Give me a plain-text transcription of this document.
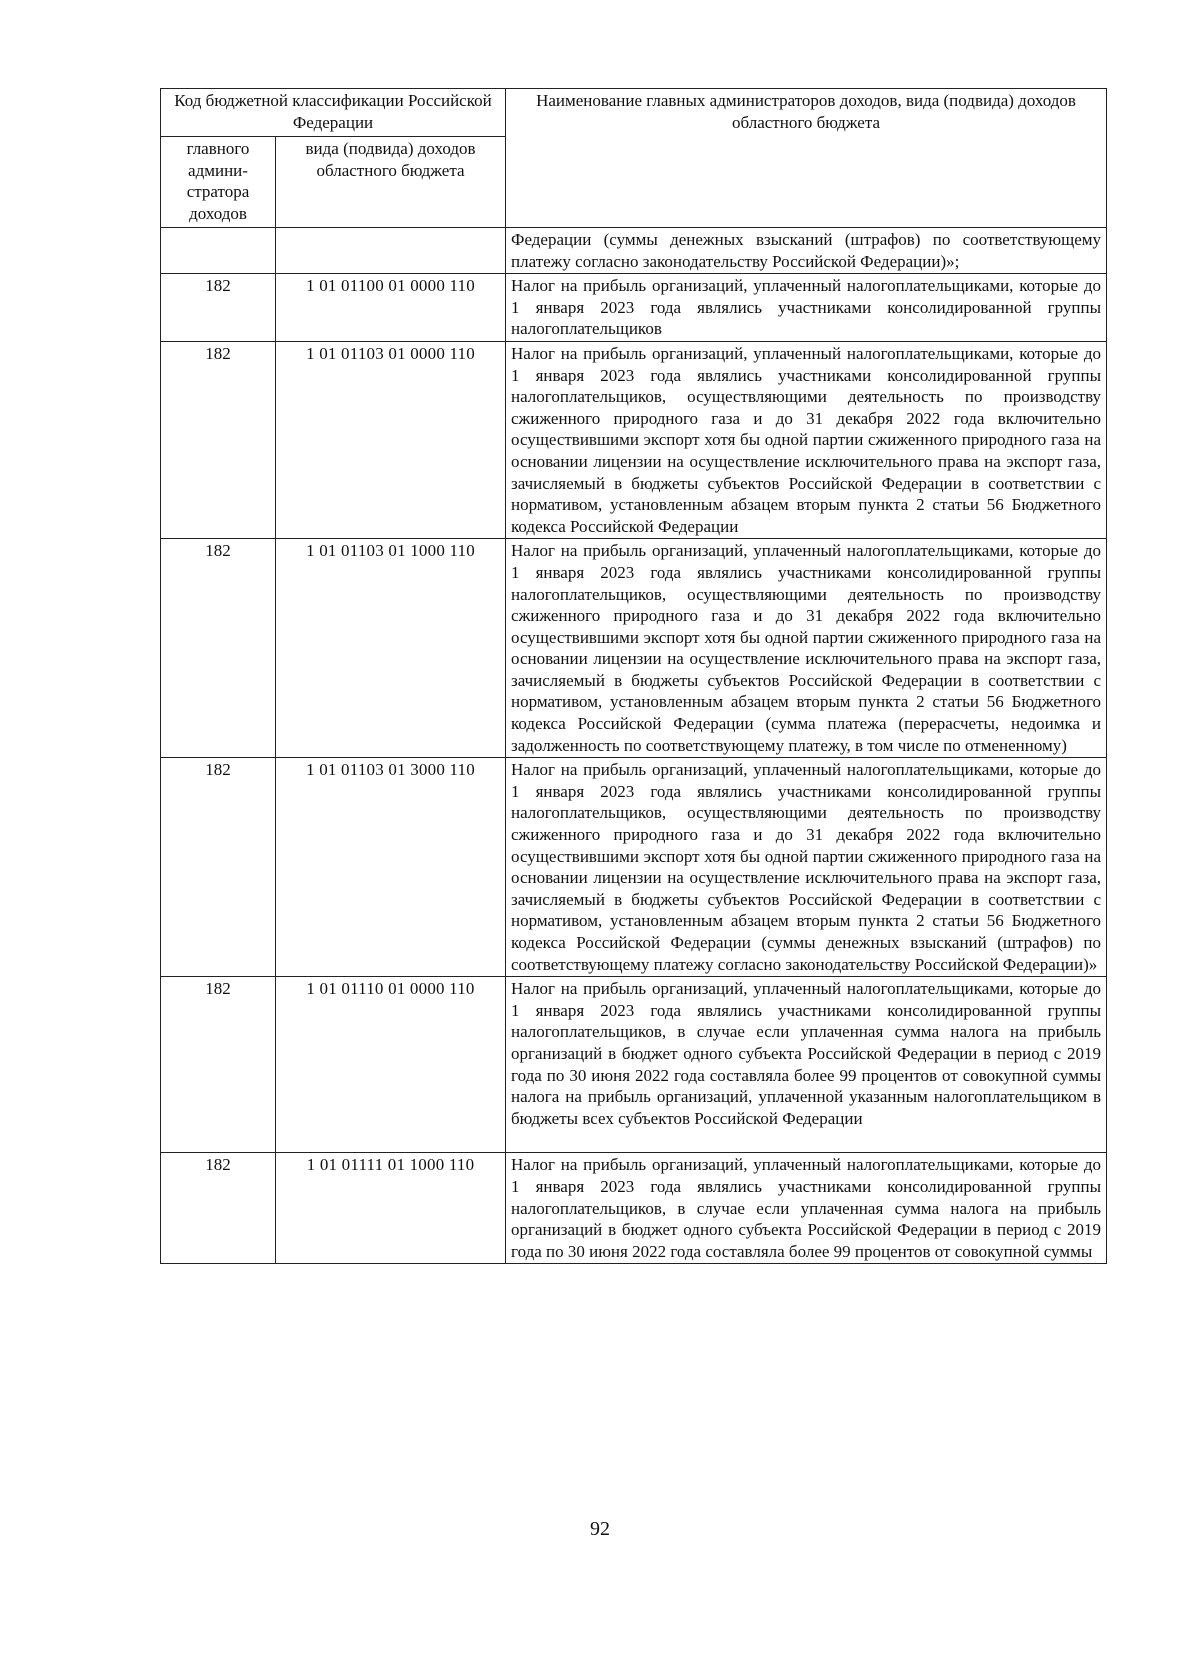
Код бюджетной классификации Российской Федерации		Наименование главных администраторов доходов, вида (подвида) доходов областного бюджета
главного админи-стратора доходов	вида (подвида) доходов областного бюджета	
		Федерации (суммы денежных взысканий (штрафов) по соответствующему платежу согласно законодательству Российской Федерации)»;
182	1 01 01100 01 0000 110	Налог на прибыль организаций, уплаченный налогоплательщиками, которые до 1 января 2023 года являлись участниками консолидированной группы налогоплательщиков
182	1 01 01103 01 0000 110	Налог на прибыль организаций, уплаченный налогоплательщиками, которые до 1 января 2023 года являлись участниками консолидированной группы налогоплательщиков, осуществляющими деятельность по производству сжиженного природного газа и до 31 декабря 2022 года включительно осуществившими экспорт хотя бы одной партии сжиженного природного газа на основании лицензии на осуществление исключительного права на экспорт газа, зачисляемый в бюджеты субъектов Российской Федерации в соответствии с нормативом, установленным абзацем вторым пункта 2 статьи 56 Бюджетного кодекса Российской Федерации
182	1 01 01103 01 1000 110	Налог на прибыль организаций, уплаченный налогоплательщиками, которые до 1 января 2023 года являлись участниками консолидированной группы налогоплательщиков, осуществляющими деятельность по производству сжиженного природного газа и до 31 декабря 2022 года включительно осуществившими экспорт хотя бы одной партии сжиженного природного газа на основании лицензии на осуществление исключительного права на экспорт газа, зачисляемый в бюджеты субъектов Российской Федерации в соответствии с нормативом, установленным абзацем вторым пункта 2 статьи 56 Бюджетного кодекса Российской Федерации (сумма платежа (перерасчеты, недоимка и задолженность по соответствующему платежу, в том числе по отмененному)
182	1 01 01103 01 3000 110	Налог на прибыль организаций, уплаченный налогоплательщиками, которые до 1 января 2023 года являлись участниками консолидированной группы налогоплательщиков, осуществляющими деятельность по производству сжиженного природного газа и до 31 декабря 2022 года включительно осуществившими экспорт хотя бы одной партии сжиженного природного газа на основании лицензии на осуществление исключительного права на экспорт газа, зачисляемый в бюджеты субъектов Российской Федерации в соответствии с нормативом, установленным абзацем вторым пункта 2 статьи 56 Бюджетного кодекса Российской Федерации (суммы денежных взысканий (штрафов) по соответствующему платежу согласно законодательству Российской Федерации)»
182	1 01 01110 01 0000 110	Налог на прибыль организаций, уплаченный налогоплательщиками, которые до 1 января 2023 года являлись участниками консолидированной группы налогоплательщиков, в случае если уплаченная сумма налога на прибыль организаций в бюджет одного субъекта Российской Федерации в период с 2019 года по 30 июня 2022 года составляла более 99 процентов от совокупной суммы налога на прибыль организаций, уплаченной указанным налогоплательщиком в бюджеты всех субъектов Российской Федерации
182	1 01 01111 01 1000 110	Налог на прибыль организаций, уплаченный налогоплательщиками, которые до 1 января 2023 года являлись участниками консолидированной группы налогоплательщиков, в случае если уплаченная сумма налога на прибыль организаций в бюджет одного субъекта Российской Федерации в период с 2019 года по 30 июня 2022 года составляла более 99 процентов от совокупной суммы
92
